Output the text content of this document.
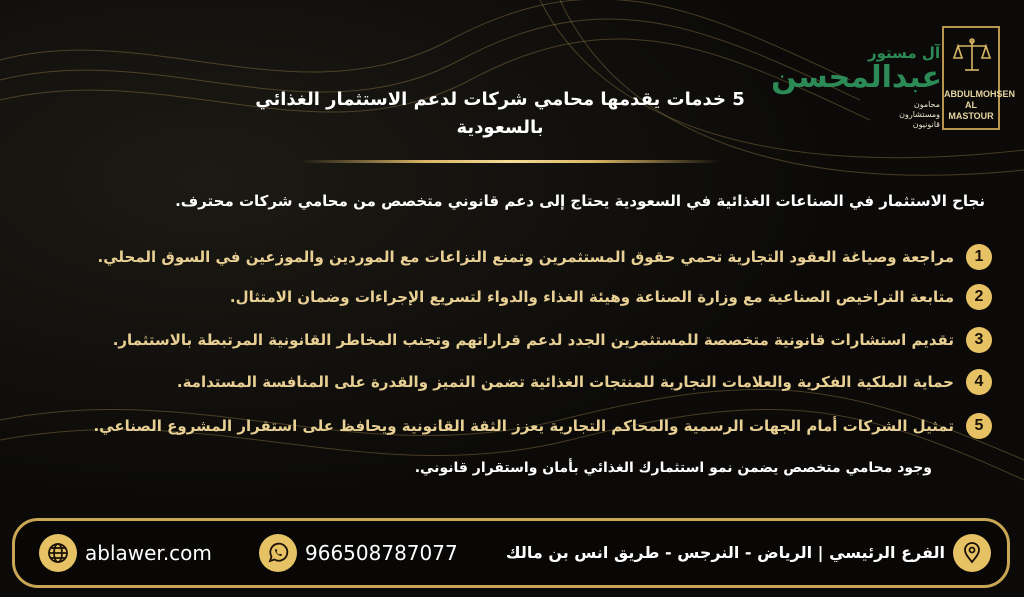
آل مستور
عبدالمحسن
محامون ومستشارون قانونيون
ABDULMOHSEN
AL MASTOUR
5 خدمات يقدمها محامي شركات لدعم الاستثمار الغذائي بالسعودية
نجاح الاستثمار في الصناعات الغذائية في السعودية يحتاج إلى دعم قانوني متخصص من محامي شركات محترف.
1
مراجعة وصياغة العقود التجارية تحمي حقوق المستثمرين وتمنع النزاعات مع الموردين والموزعين في السوق المحلي.
2
متابعة التراخيص الصناعية مع وزارة الصناعة وهيئة الغذاء والدواء لتسريع الإجراءات وضمان الامتثال.
3
تقديم استشارات قانونية متخصصة للمستثمرين الجدد لدعم قراراتهم وتجنب المخاطر القانونية المرتبطة بالاستثمار.
4
حماية الملكية الفكرية والعلامات التجارية للمنتجات الغذائية تضمن التميز والقدرة على المنافسة المستدامة.
5
تمثيل الشركات أمام الجهات الرسمية والمحاكم التجارية يعزز الثقة القانونية ويحافظ على استقرار المشروع الصناعي.
وجود محامي متخصص يضمن نمو استثمارك الغذائي بأمان واستقرار قانوني.
ablawer.com	966508787077	الفرع الرئيسي | الرياض - النرجس - طريق انس بن مالك
